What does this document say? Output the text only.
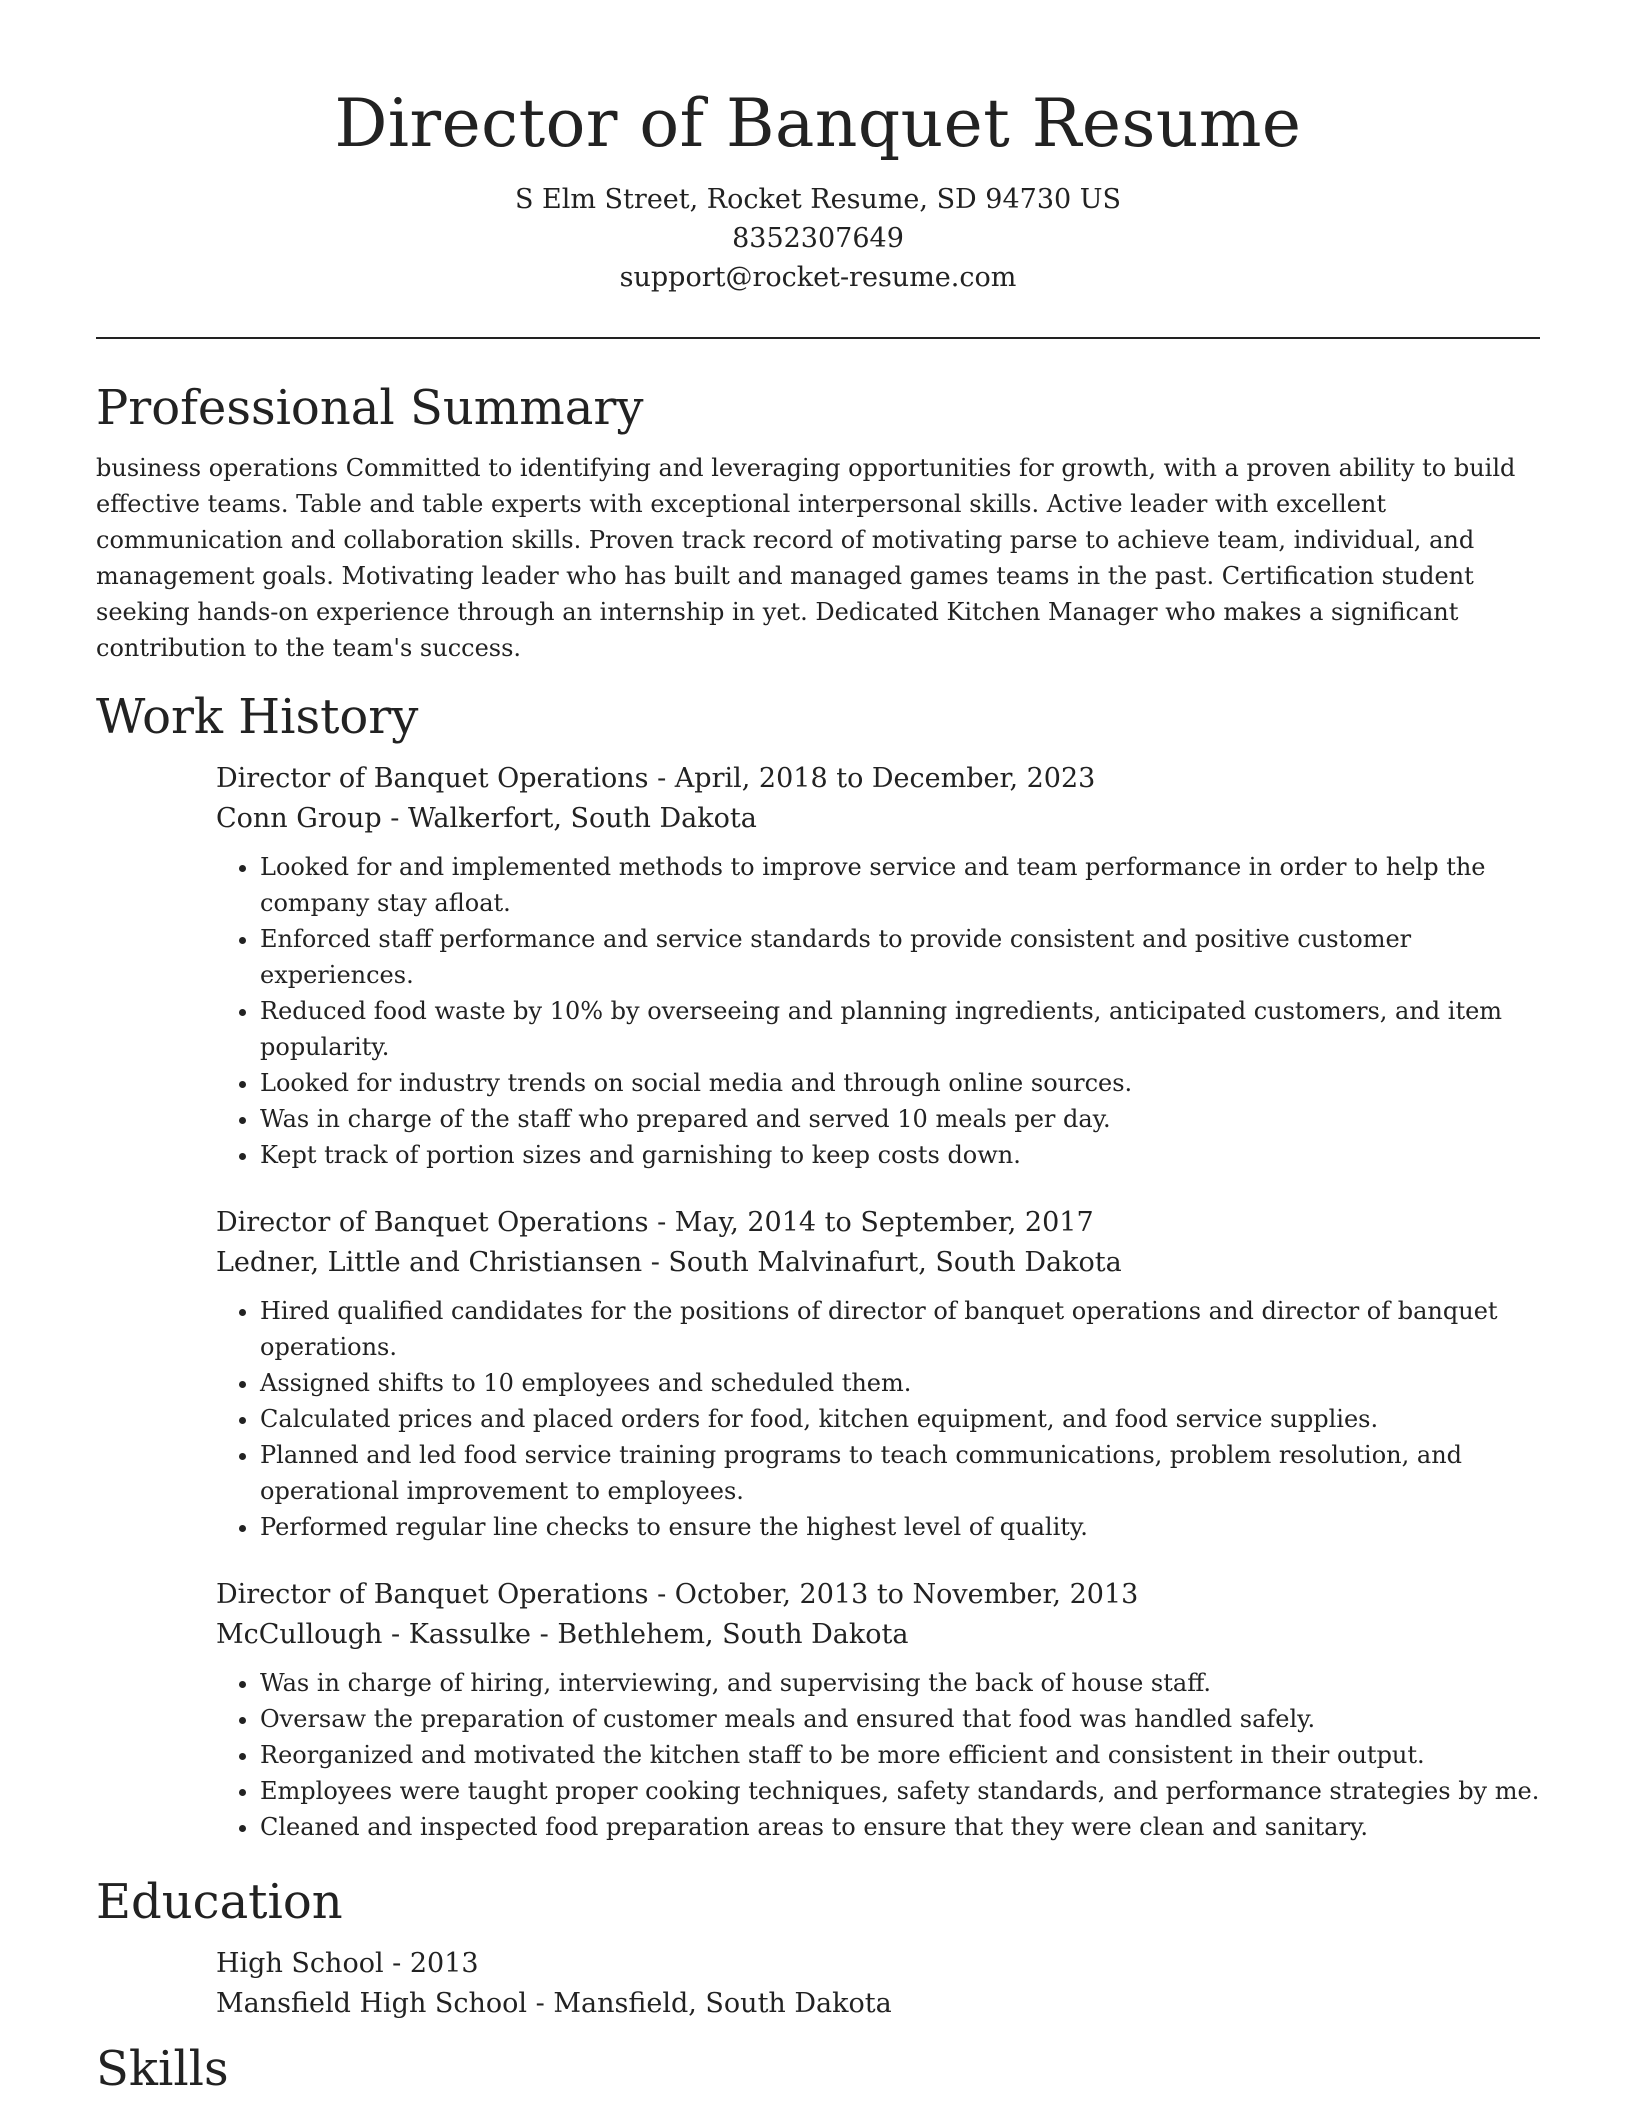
Director of Banquet Resume
S Elm Street, Rocket Resume, SD 94730 US
8352307649
support@rocket-resume.com
Professional Summary

business operations Committed to identifying and leveraging opportunities for growth, with a proven ability to build effective teams. Table and table experts with exceptional interpersonal skills. Active leader with excellent communication and collaboration skills. Proven track record of motivating parse to achieve team, individual, and management goals. Motivating leader who has built and managed games teams in the past. Certification student seeking hands-on experience through an internship in yet. Dedicated Kitchen Manager who makes a significant contribution to the team's success.

Work History
Director of Banquet Operations - April, 2018 to December, 2023
Conn Group - Walkerfort, South Dakota
• Looked for and implemented methods to improve service and team performance in order to help the company stay afloat.
• Enforced staff performance and service standards to provide consistent and positive customer experiences.
• Reduced food waste by 10% by overseeing and planning ingredients, anticipated customers, and item popularity.
• Looked for industry trends on social media and through online sources.
• Was in charge of the staff who prepared and served 10 meals per day.
• Kept track of portion sizes and garnishing to keep costs down.
Director of Banquet Operations - May, 2014 to September, 2017
Ledner, Little and Christiansen - South Malvinafurt, South Dakota
• Hired qualified candidates for the positions of director of banquet operations and director of banquet operations.
• Assigned shifts to 10 employees and scheduled them.
• Calculated prices and placed orders for food, kitchen equipment, and food service supplies.
• Planned and led food service training programs to teach communications, problem resolution, and operational improvement to employees.
• Performed regular line checks to ensure the highest level of quality.
Director of Banquet Operations - October, 2013 to November, 2013
McCullough - Kassulke - Bethlehem, South Dakota
• Was in charge of hiring, interviewing, and supervising the back of house staff.
• Oversaw the preparation of customer meals and ensured that food was handled safely.
• Reorganized and motivated the kitchen staff to be more efficient and consistent in their output.
• Employees were taught proper cooking techniques, safety standards, and performance strategies by me.
• Cleaned and inspected food preparation areas to ensure that they were clean and sanitary.
Education
High School - 2013
Mansfield High School - Mansfield, South Dakota
Skills
